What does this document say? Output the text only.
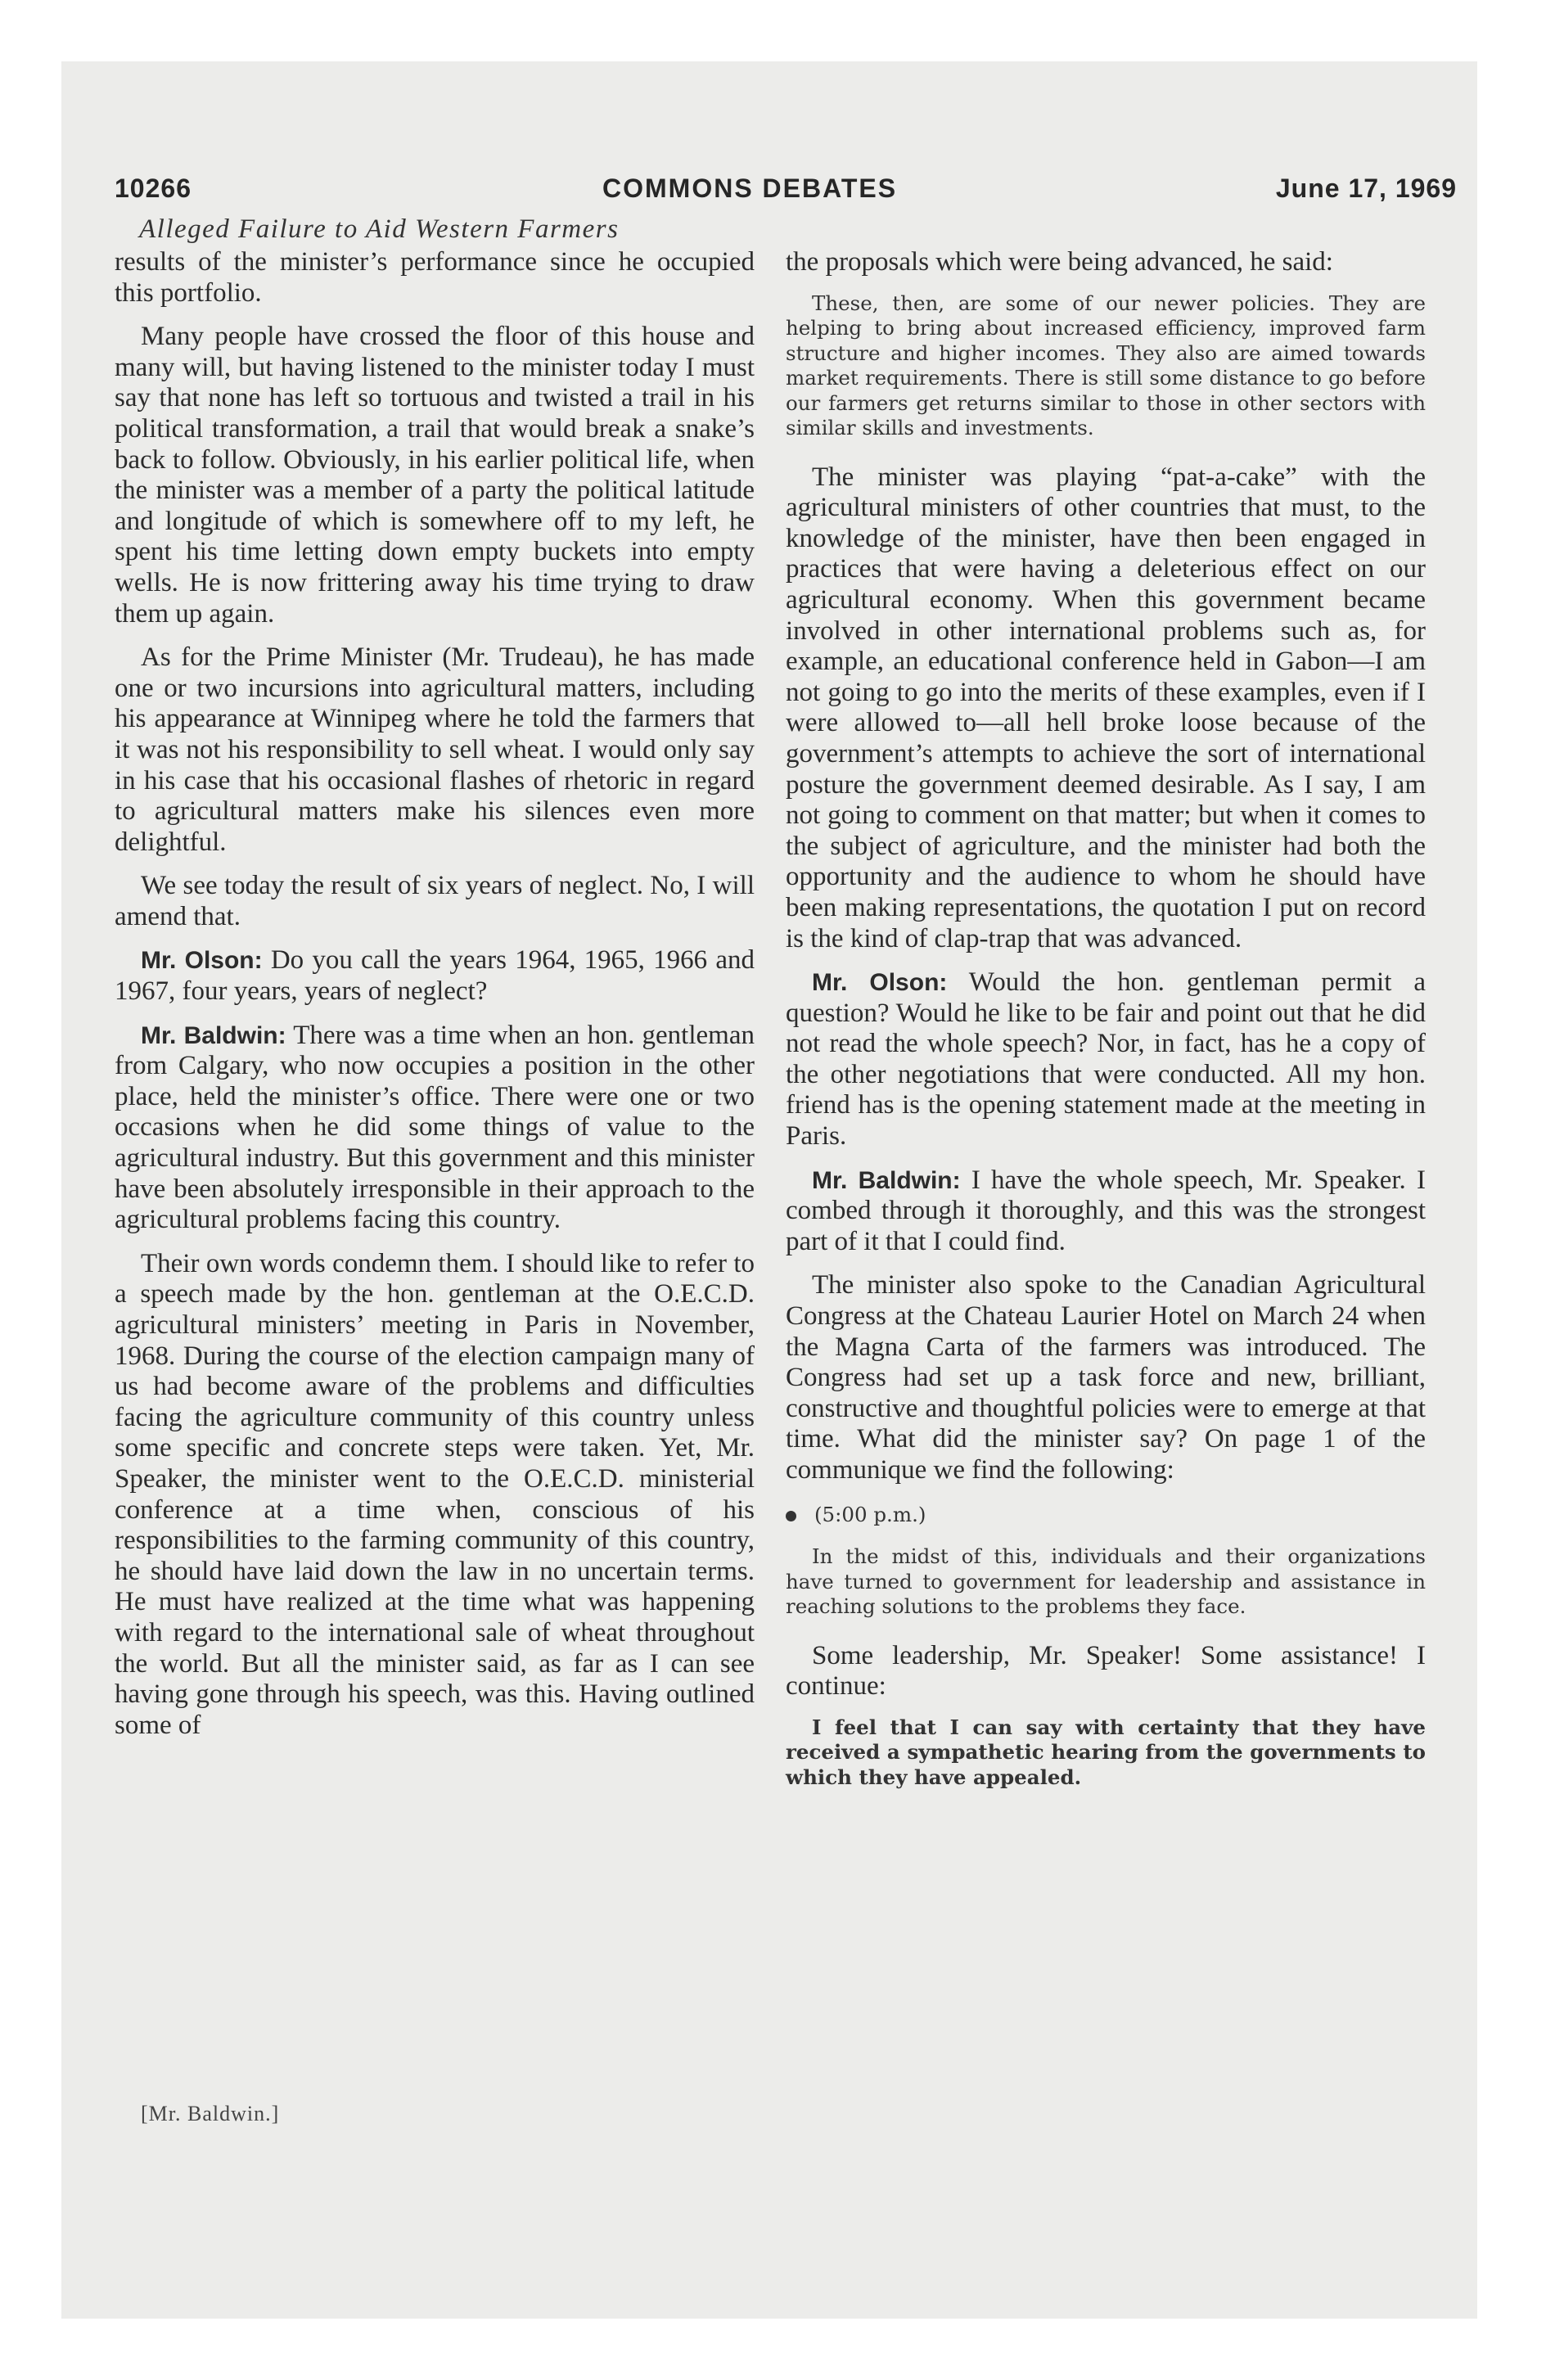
10266	COMMONS DEBATES	June 17, 1969
Alleged Failure to Aid Western Farmers

results of the minister’s performance since he occupied this portfolio.

Many people have crossed the floor of this house and many will, but having listened to the minister today I must say that none has left so tortuous and twisted a trail in his political transformation, a trail that would break a snake’s back to follow. Obviously, in his earlier political life, when the minister was a member of a party the political latitude and longitude of which is somewhere off to my left, he spent his time letting down empty buckets into empty wells. He is now frittering away his time trying to draw them up again.

As for the Prime Minister (Mr. Trudeau), he has made one or two incursions into agricultural matters, including his appearance at Winnipeg where he told the farmers that it was not his responsibility to sell wheat. I would only say in his case that his occasional flashes of rhetoric in regard to agricultural matters make his silences even more delightful.

We see today the result of six years of neglect. No, I will amend that.

Mr. Olson: Do you call the years 1964, 1965, 1966 and 1967, four years, years of neglect?

Mr. Baldwin: There was a time when an hon. gentleman from Calgary, who now occupies a position in the other place, held the minister’s office. There were one or two occasions when he did some things of value to the agricultural industry. But this government and this minister have been absolutely irresponsible in their approach to the agricultural problems facing this country.

Their own words condemn them. I should like to refer to a speech made by the hon. gentleman at the O.E.C.D. agricultural ministers’ meeting in Paris in November, 1968. During the course of the election campaign many of us had become aware of the problems and difficulties facing the agriculture community of this country unless some specific and concrete steps were taken. Yet, Mr. Speaker, the minister went to the O.E.C.D. ministerial conference at a time when, conscious of his responsibilities to the farming community of this country, he should have laid down the law in no uncertain terms. He must have realized at the time what was happening with regard to the international sale of wheat throughout the world. But all the minister said, as far as I can see having gone through his speech, was this. Having outlined some of

[Mr. Baldwin.]

the proposals which were being advanced, he said:

These, then, are some of our newer policies. They are helping to bring about increased efficiency, improved farm structure and higher incomes. They also are aimed towards market requirements. There is still some distance to go before our farmers get returns similar to those in other sectors with similar skills and investments.

The minister was playing “pat-a-cake” with the agricultural ministers of other countries that must, to the knowledge of the minister, have then been engaged in practices that were having a deleterious effect on our agricultural economy. When this government became involved in other international problems such as, for example, an educational conference held in Gabon—I am not going to go into the merits of these examples, even if I were allowed to—all hell broke loose because of the government’s attempts to achieve the sort of international posture the government deemed desirable. As I say, I am not going to comment on that matter; but when it comes to the subject of agriculture, and the minister had both the opportunity and the audience to whom he should have been making representations, the quotation I put on record is the kind of clap-trap that was advanced.

Mr. Olson: Would the hon. gentleman permit a question? Would he like to be fair and point out that he did not read the whole speech? Nor, in fact, has he a copy of the other negotiations that were conducted. All my hon. friend has is the opening statement made at the meeting in Paris.

Mr. Baldwin: I have the whole speech, Mr. Speaker. I combed through it thoroughly, and this was the strongest part of it that I could find.

The minister also spoke to the Canadian Agricultural Congress at the Chateau Laurier Hotel on March 24 when the Magna Carta of the farmers was introduced. The Congress had set up a task force and new, brilliant, constructive and thoughtful policies were to emerge at that time. What did the minister say? On page 1 of the communique we find the following:

(5:00 p.m.)
In the midst of this, individuals and their organizations have turned to government for leadership and assistance in reaching solutions to the problems they face.

Some leadership, Mr. Speaker! Some assistance! I continue:

I feel that I can say with certainty that they have received a sympathetic hearing from the governments to which they have appealed.
